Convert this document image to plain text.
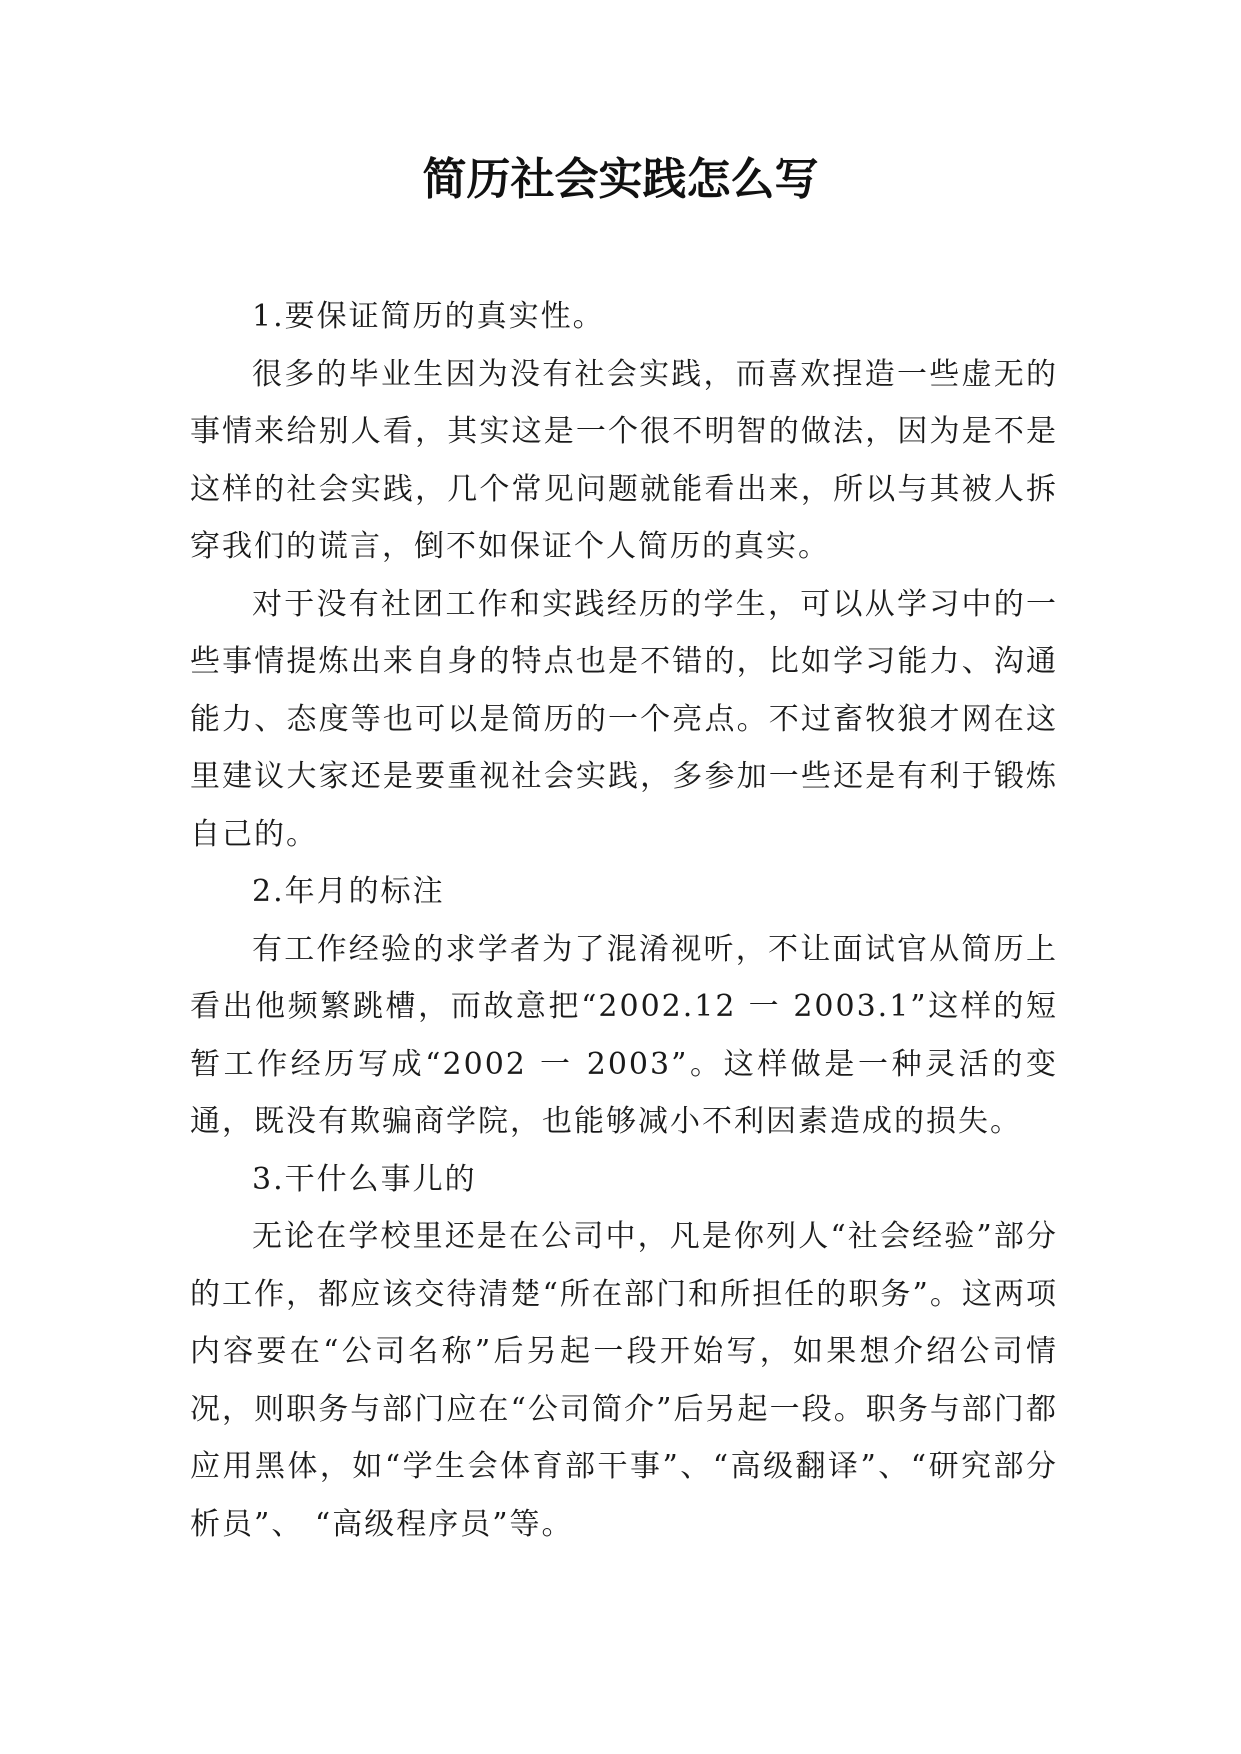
简历社会实践怎么写

1.要保证简历的真实性。

很多的毕业生因为没有社会实践，而喜欢捏造一些虚无的事情来给别人看，其实这是一个很不明智的做法，因为是不是这样的社会实践，几个常见问题就能看出来，所以与其被人拆穿我们的谎言，倒不如保证个人简历的真实。

对于没有社团工作和实践经历的学生，可以从学习中的一些事情提炼出来自身的特点也是不错的，比如学习能力、沟通能力、态度等也可以是简历的一个亮点。不过畜牧狼才网在这里建议大家还是要重视社会实践，多参加一些还是有利于锻炼自己的。

2.年月的标注

有工作经验的求学者为了混淆视听，不让面试官从简历上看出他频繁跳槽，而故意把“2002.12 一 2003.1”这样的短暂工作经历写成“2002 一 2003”。这样做是一种灵活的变通，既没有欺骗商学院，也能够减小不利因素造成的损失。

3.干什么事儿的

无论在学校里还是在公司中，凡是你列人“社会经验”部分的工作，都应该交待清楚“所在部门和所担任的职务”。这两项内容要在“公司名称”后另起一段开始写，如果想介绍公司情况，则职务与部门应在“公司简介”后另起一段。职务与部门都应用黑体，如“学生会体育部干事”、“高级翻译”、“研究部分析员”、 “高级程序员”等。
